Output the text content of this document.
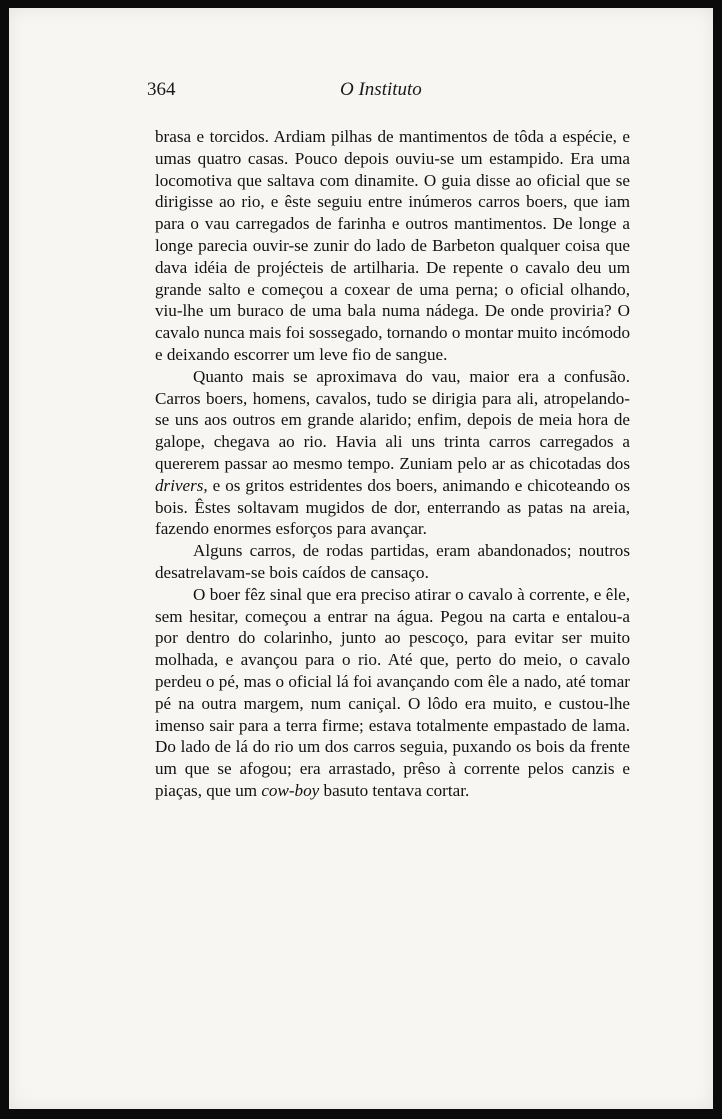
364	O Instituto

brasa e torcidos. Ardiam pilhas de mantimentos de tôda a espécie, e umas quatro casas. Pouco depois ouviu-se um estampido. Era uma locomotiva que saltava com dinamite. O guia disse ao oficial que se dirigisse ao rio, e êste seguiu entre inúmeros carros boers, que iam para o vau carregados de farinha e outros mantimentos. De longe a longe parecia ouvir-se zunir do lado de Barbeton qualquer coisa que dava idéia de projécteis de artilharia. De repente o cavalo deu um grande salto e começou a coxear de uma perna; o oficial olhando, viu-lhe um buraco de uma bala numa nádega. De onde proviria? O cavalo nunca mais foi sossegado, tornando o montar muito incómodo e deixando escorrer um leve fio de sangue.

Quanto mais se aproximava do vau, maior era a confusão. Carros boers, homens, cavalos, tudo se dirigia para ali, atropelando-se uns aos outros em grande alarido; enfim, depois de meia hora de galope, chegava ao rio. Havia ali uns trinta carros carregados a quererem passar ao mesmo tempo. Zuniam pelo ar as chicotadas dos drivers, e os gritos estridentes dos boers, animando e chicoteando os bois. Êstes soltavam mugidos de dor, enterrando as patas na areia, fazendo enormes esforços para avançar.

Alguns carros, de rodas partidas, eram abandonados; noutros desatrelavam-se bois caídos de cansaço.

O boer fêz sinal que era preciso atirar o cavalo à corrente, e êle, sem hesitar, começou a entrar na água. Pegou na carta e entalou-a por dentro do colarinho, junto ao pescoço, para evitar ser muito molhada, e avançou para o rio. Até que, perto do meio, o cavalo perdeu o pé, mas o oficial lá foi avançando com êle a nado, até tomar pé na outra margem, num caniçal. O lôdo era muito, e custou-lhe imenso sair para a terra firme; estava totalmente empastado de lama. Do lado de lá do rio um dos carros seguia, puxando os bois da frente um que se afogou; era arrastado, prêso à corrente pelos canzis e piaças, que um cow-boy basuto tentava cortar.
